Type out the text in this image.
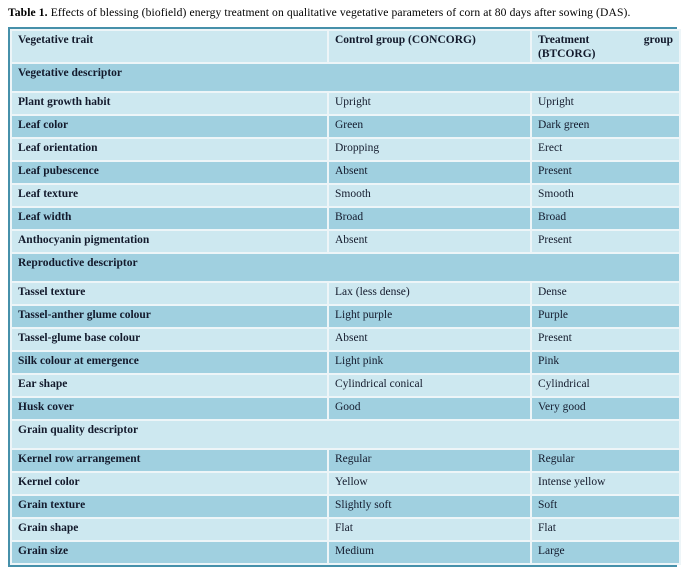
Table 1. Effects of blessing (biofield) energy treatment on qualitative vegetative parameters of corn at 80 days after sowing (DAS).

Vegetative trait	Control group (CONCORG)	Treatment group
(BTCORG)

Vegetative descriptor		
Plant growth habit	Upright	Upright
Leaf color	Green	Dark green
Leaf orientation	Dropping	Erect
Leaf pubescence	Absent	Present
Leaf texture	Smooth	Smooth
Leaf width	Broad	Broad
Anthocyanin pigmentation	Absent	Present
Reproductive descriptor		
Tassel texture	Lax (less dense)	Dense
Tassel-anther glume colour	Light purple	Purple
Tassel-glume base colour	Absent	Present
Silk colour at emergence	Light pink	Pink
Ear shape	Cylindrical conical	Cylindrical
Husk cover	Good	Very good
Grain quality descriptor		
Kernel row arrangement	Regular	Regular
Kernel color	Yellow	Intense yellow
Grain texture	Slightly soft	Soft
Grain shape	Flat	Flat
Grain size	Medium	Large
